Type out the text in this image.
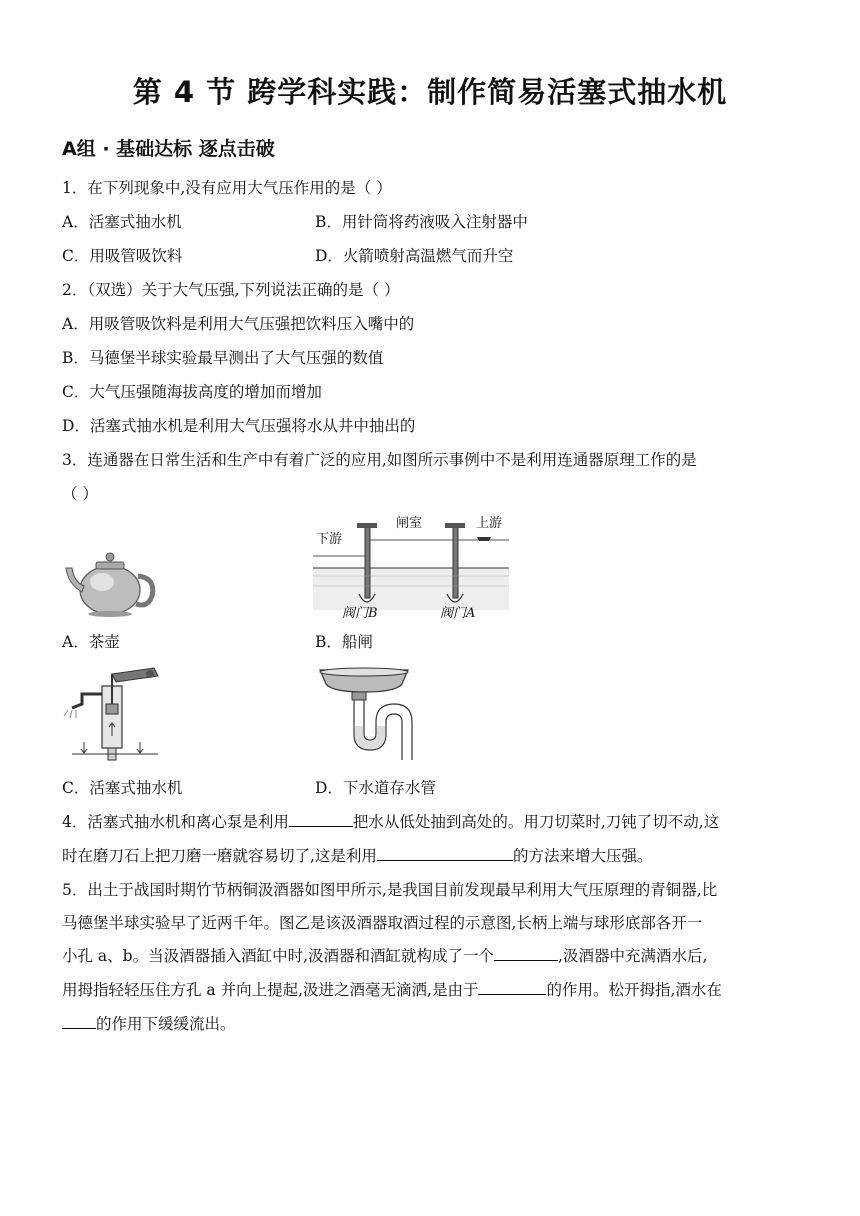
第 4 节 跨学科实践：制作简易活塞式抽水机
A组 · 基础达标 逐点击破
1．在下列现象中,没有应用大气压作用的是（ ）
A．活塞式抽水机	B．用针筒将药液吸入注射器中
C．用吸管吸饮料	D．火箭喷射高温燃气而升空
2．（双选）关于大气压强,下列说法正确的是（ ）
A．用吸管吸饮料是利用大气压强把饮料压入嘴中的
B．马德堡半球实验最早测出了大气压强的数值
C．大气压强随海拔高度的增加而增加
D．活塞式抽水机是利用大气压强将水从井中抽出的
3．连通器在日常生活和生产中有着广泛的应用,如图所示事例中不是利用连通器原理工作的是
（ ）
下游
闸室	上游
阀门B	阀门A
A．茶壶	B．船闸
C．活塞式抽水机	D．下水道存水管
4．活塞式抽水机和离心泵是利用	把水从低处抽到高处的。用刀切菜时,刀钝了切不动,这
时在磨刀石上把刀磨一磨就容易切了,这是利用	的方法来增大压强。
5．出土于战国时期竹节柄铜汲酒器如图甲所示,是我国目前发现最早利用大气压原理的青铜器,比
马德堡半球实验早了近两千年。图乙是该汲酒器取酒过程的示意图,长柄上端与球形底部各开一
小孔 a、b。当汲酒器插入酒缸中时,汲酒器和酒缸就构成了一个	,汲酒器中充满酒水后,
用拇指轻轻压住方孔 a 并向上提起,汲进之酒毫无滴洒,是由于	的作用。松开拇指,酒水在
的作用下缓缓流出。
